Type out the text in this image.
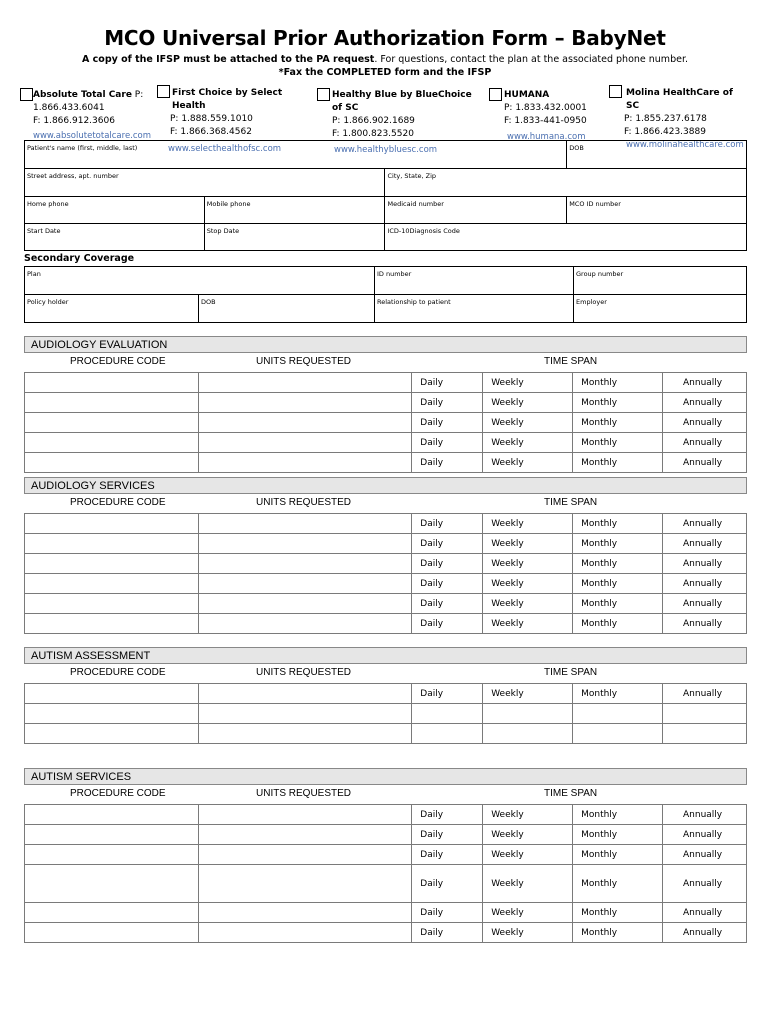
MCO Universal Prior Authorization Form – BabyNet
A copy of the IFSP must be attached to the PA request. For questions, contact the plan at the associated phone number.
*Fax the COMPLETED form and the IFSP
Absolute Total Care P:
1.866.433.6041
F: 1.866.912.3606
www.absolutetotalcare.com
First Choice by Select Health
P: 1.888.559.1010
F: 1.866.368.4562
www.selecthealthofsc.com
Healthy Blue by BlueChoice of SC
P: 1.866.902.1689
F: 1.800.823.5520
www.healthybluesc.com
HUMANA
P: 1.833.432.0001
F: 1.833-441-0950
www.humana.com
Molina HealthCare of SC
P: 1.855.237.6178
F: 1.866.423.3889
www.molinahealthcare.com
Patient's name (first, middle, last)			DOB
Street address, apt. number		City, State, Zip	
Home phone	Mobile phone	Medicaid number	MCO ID number
Start Date	Stop Date	ICD-10Diagnosis Code	
Secondary Coverage
Plan		ID number	Group number
Policy holder	DOB	Relationship to patient	Employer
AUDIOLOGY EVALUATION
PROCEDURE CODE	UNITS REQUESTED	TIME SPAN
		Daily	Weekly	Monthly	Annually
		Daily	Weekly	Monthly	Annually
		Daily	Weekly	Monthly	Annually
		Daily	Weekly	Monthly	Annually
		Daily	Weekly	Monthly	Annually
AUDIOLOGY SERVICES
PROCEDURE CODE	UNITS REQUESTED	TIME SPAN
		Daily	Weekly	Monthly	Annually
		Daily	Weekly	Monthly	Annually
		Daily	Weekly	Monthly	Annually
		Daily	Weekly	Monthly	Annually
		Daily	Weekly	Monthly	Annually
		Daily	Weekly	Monthly	Annually
AUTISM ASSESSMENT
PROCEDURE CODE	UNITS REQUESTED	TIME SPAN
		Daily	Weekly	Monthly	Annually

AUTISM SERVICES
PROCEDURE CODE	UNITS REQUESTED	TIME SPAN
		Daily	Weekly	Monthly	Annually
		Daily	Weekly	Monthly	Annually
		Daily	Weekly	Monthly	Annually
		Daily	Weekly	Monthly	Annually
		Daily	Weekly	Monthly	Annually
		Daily	Weekly	Monthly	Annually
